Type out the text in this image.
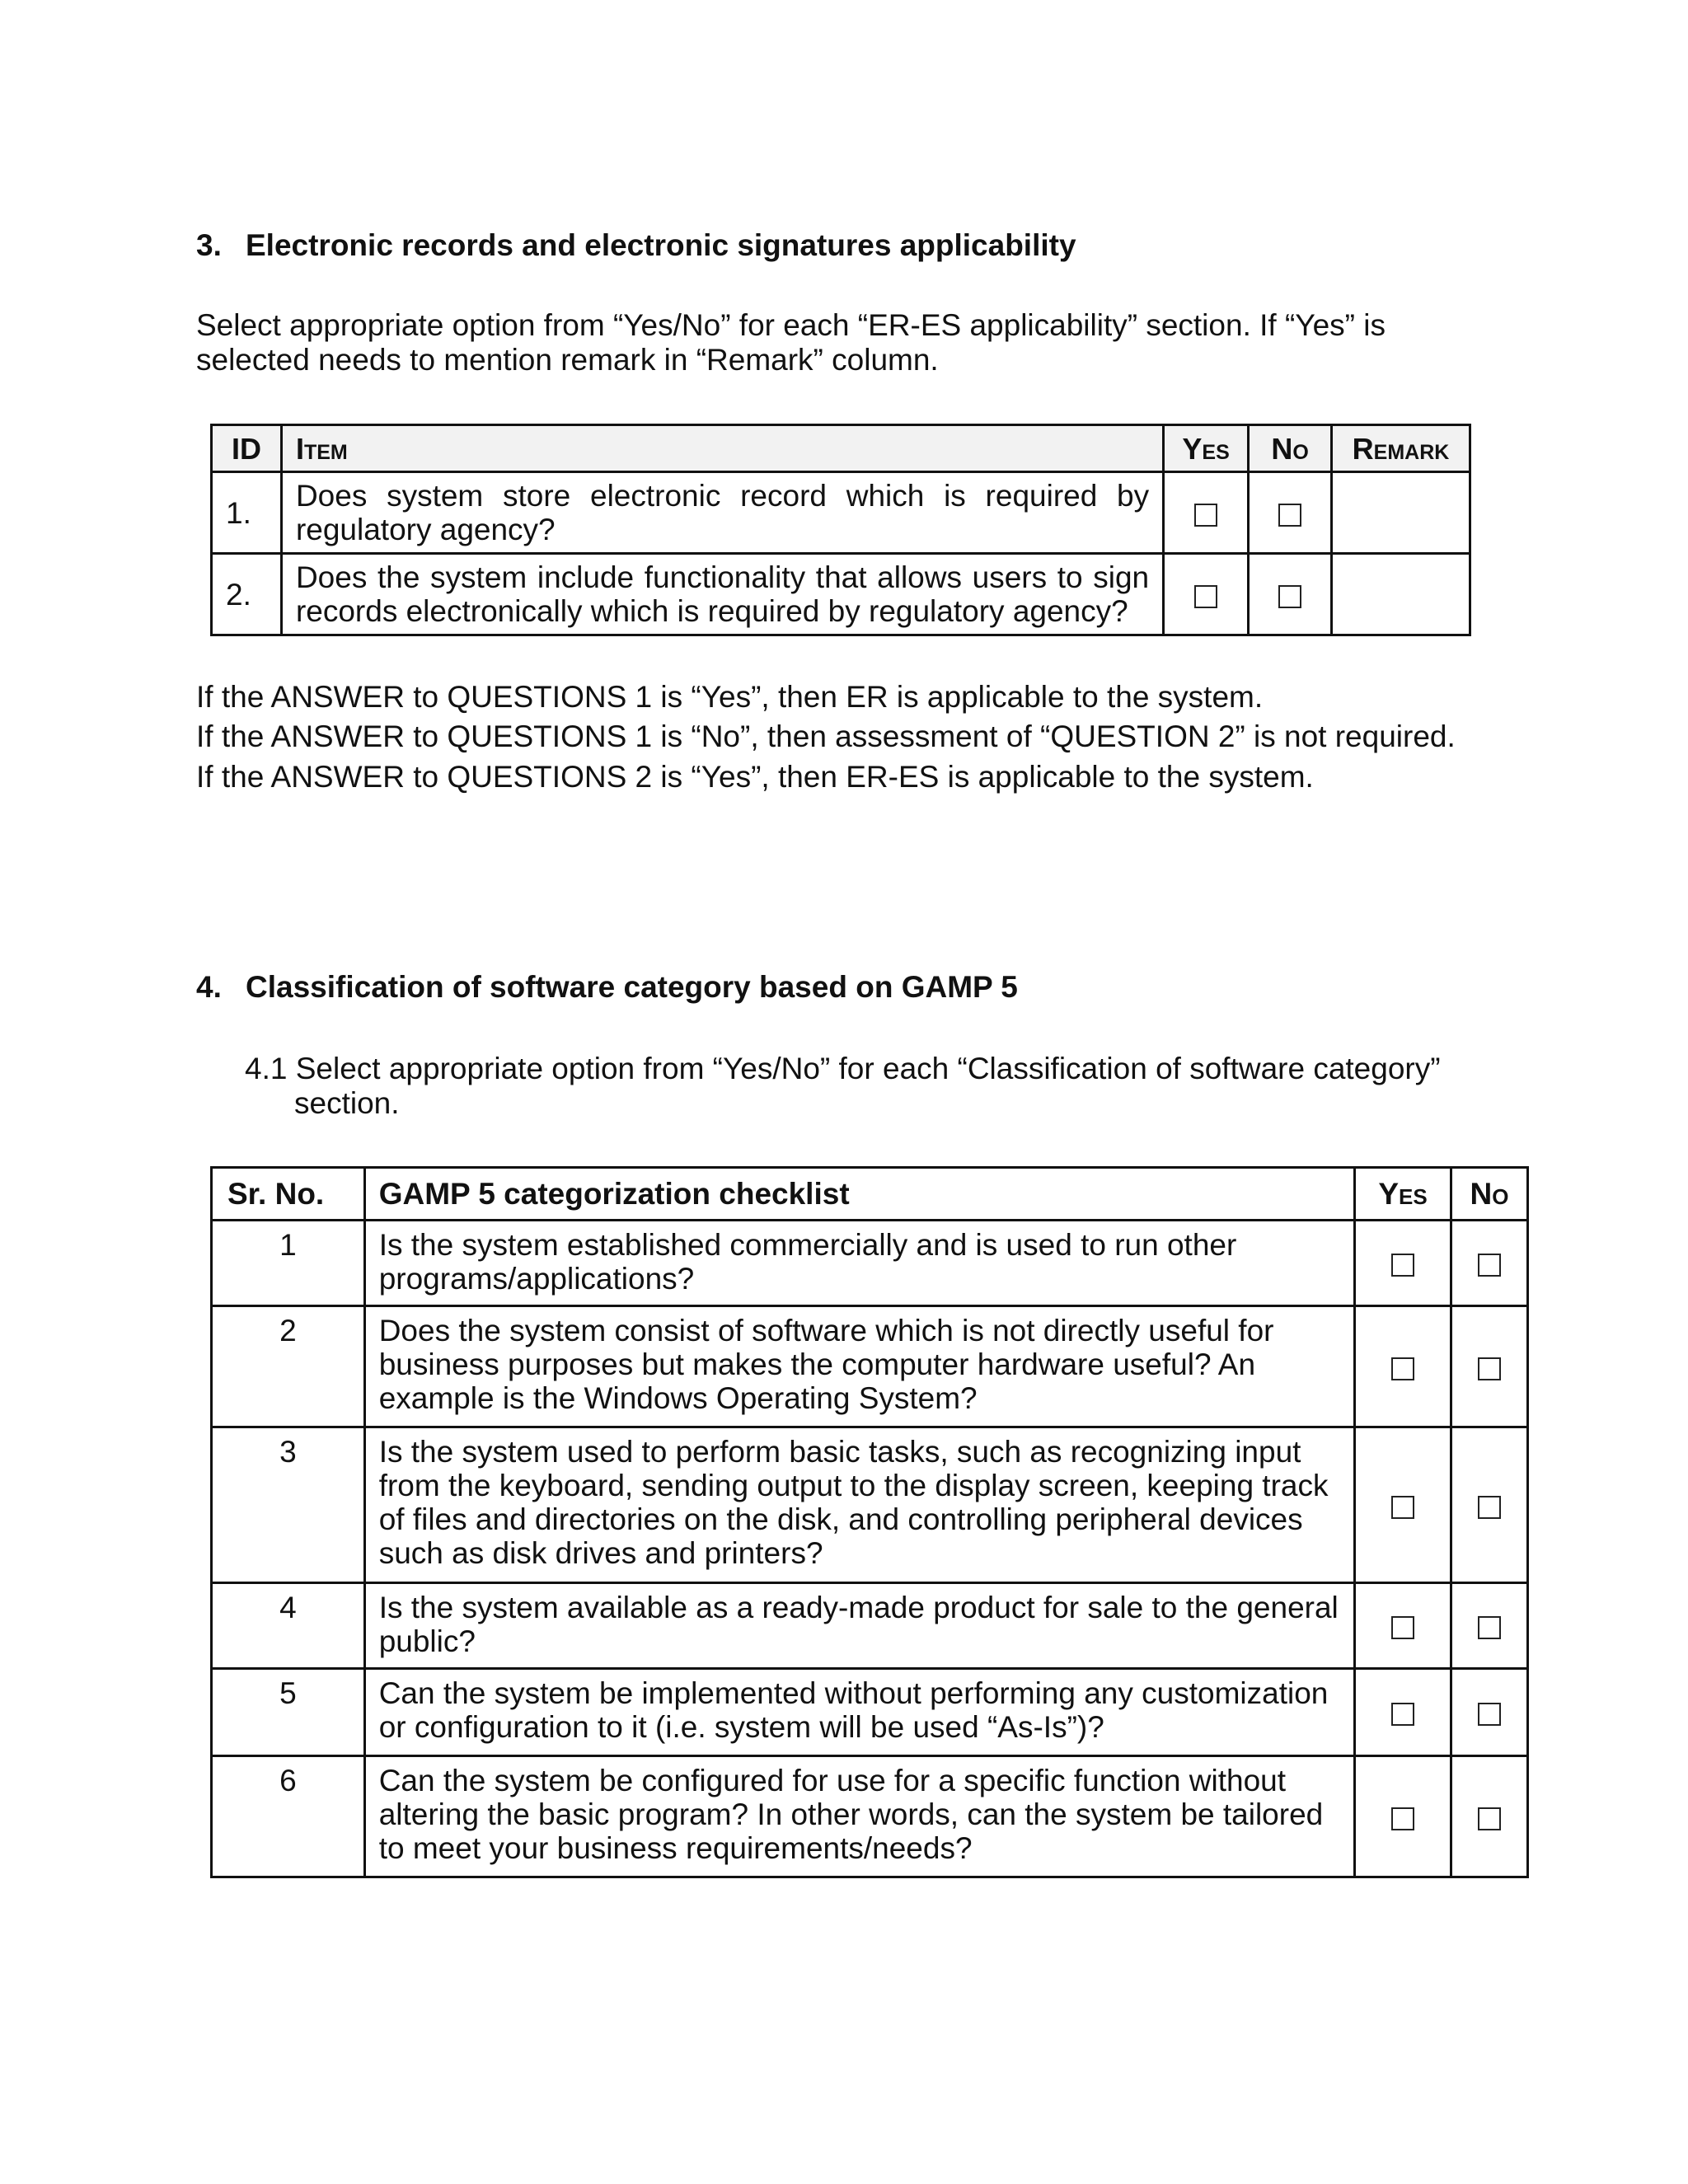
3. Electronic records and electronic signatures applicability
Select appropriate option from “Yes/No” for each “ER-ES applicability” section. If “Yes” is selected needs to mention remark in “Remark” column.
ID	Item	Yes	No	Remark
1.	Does system store electronic record which is required by regulatory agency?			
2.	Does the system include functionality that allows users to sign records electronically which is required by regulatory agency?			
If the ANSWER to QUESTIONS 1 is “Yes”, then ER is applicable to the system.
If the ANSWER to QUESTIONS 1 is “No”, then assessment of “QUESTION 2” is not required.
If the ANSWER to QUESTIONS 2 is “Yes”, then ER-ES is applicable to the system.
4. Classification of software category based on GAMP 5
4.1 Select appropriate option from “Yes/No” for each “Classification of software category” section.
Sr. No.	GAMP 5 categorization checklist	Yes	No
1	Is the system established commercially and is used to run other programs/applications?		
2	Does the system consist of software which is not directly useful for business purposes but makes the computer hardware useful? An example is the Windows Operating System?		
3	Is the system used to perform basic tasks, such as recognizing input from the keyboard, sending output to the display screen, keeping track of files and directories on the disk, and controlling peripheral devices such as disk drives and printers?		
4	Is the system available as a ready-made product for sale to the general public?		
5	Can the system be implemented without performing any customization or configuration to it (i.e. system will be used “As-Is”)?		
6	Can the system be configured for use for a specific function without altering the basic program? In other words, can the system be tailored to meet your business requirements/needs?		
